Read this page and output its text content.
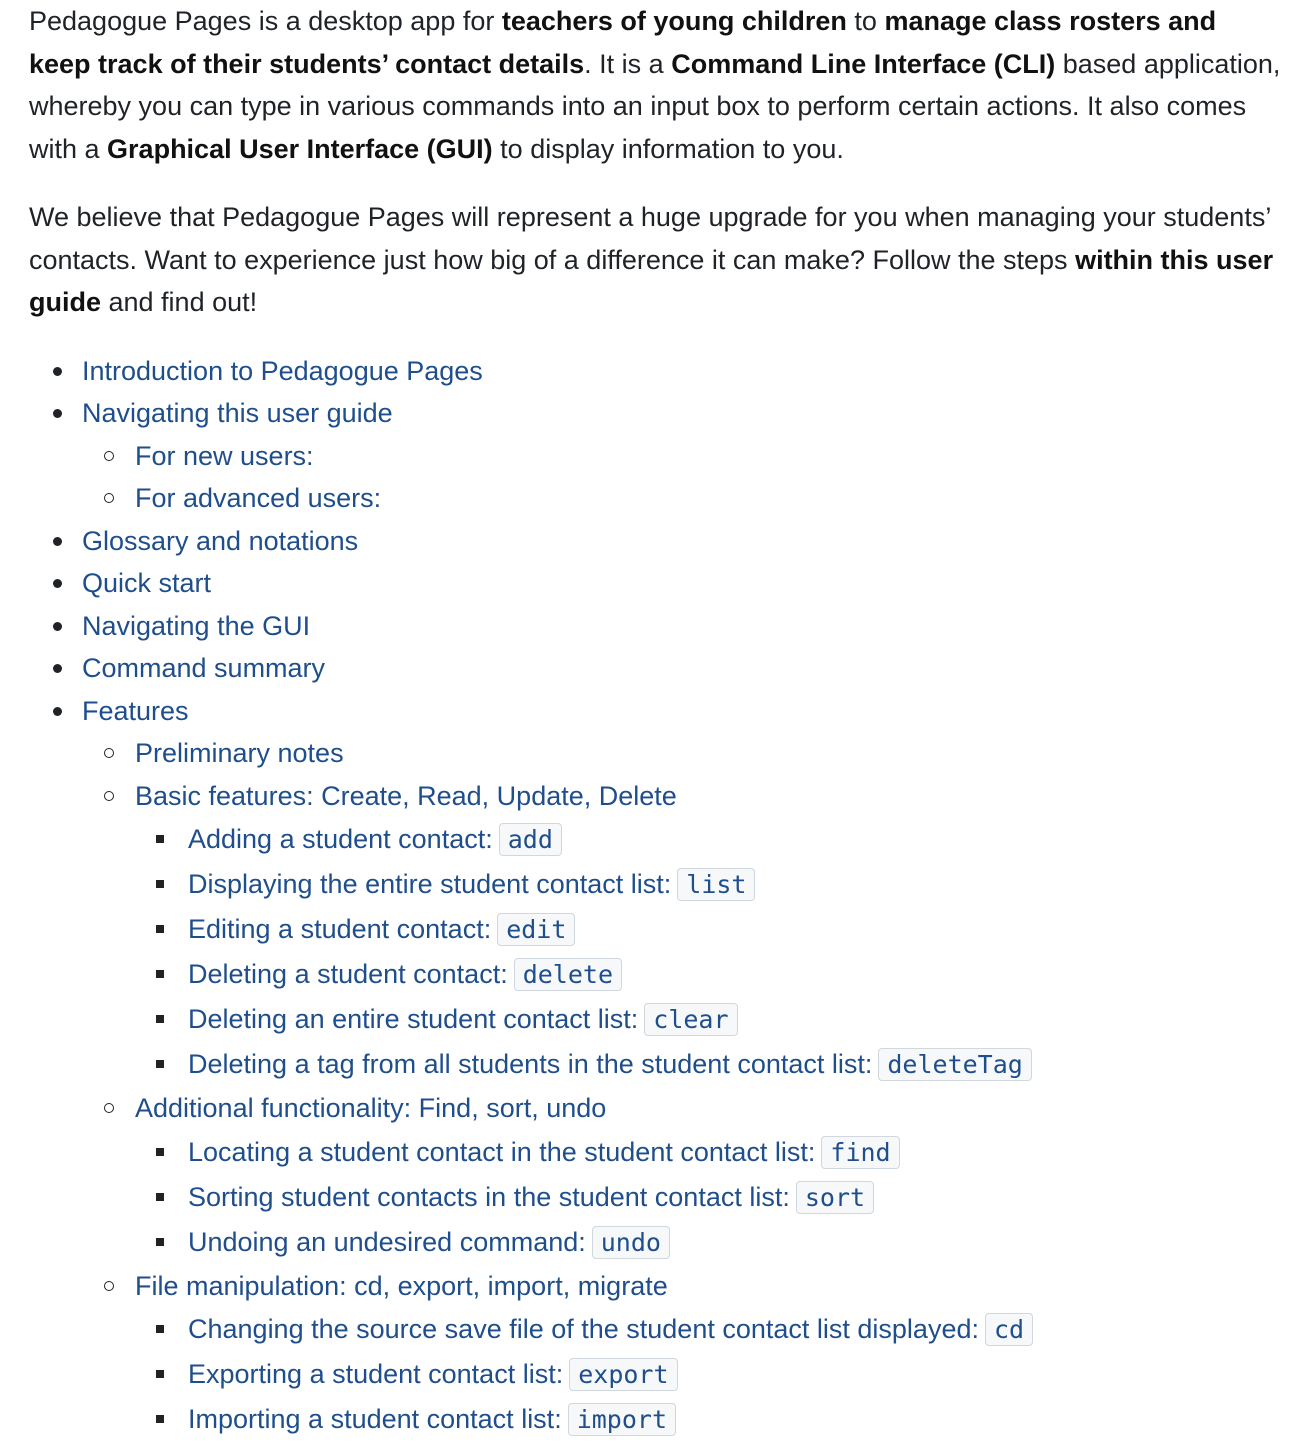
Pedagogue Pages is a desktop app for teachers of young children to manage class rosters and keep track of their students’ contact details. It is a Command Line Interface (CLI) based application, whereby you can type in various commands into an input box to perform certain actions. It also comes with a Graphical User Interface (GUI) to display information to you.

We believe that Pedagogue Pages will represent a huge upgrade for you when managing your students’ contacts. Want to experience just how big of a difference it can make? Follow the steps within this user guide and find out!

Introduction to Pedagogue Pages
Navigating this user guide
For new users:
For advanced users:
Glossary and notations
Quick start
Navigating the GUI
Command summary
Features
Preliminary notes
Basic features: Create, Read, Update, Delete
Adding a student contact: add
Displaying the entire student contact list: list
Editing a student contact: edit
Deleting a student contact: delete
Deleting an entire student contact list: clear
Deleting a tag from all students in the student contact list: deleteTag
Additional functionality: Find, sort, undo
Locating a student contact in the student contact list: find
Sorting student contacts in the student contact list: sort
Undoing an undesired command: undo
File manipulation: cd, export, import, migrate
Changing the source save file of the student contact list displayed: cd
Exporting a student contact list: export
Importing a student contact list: import
